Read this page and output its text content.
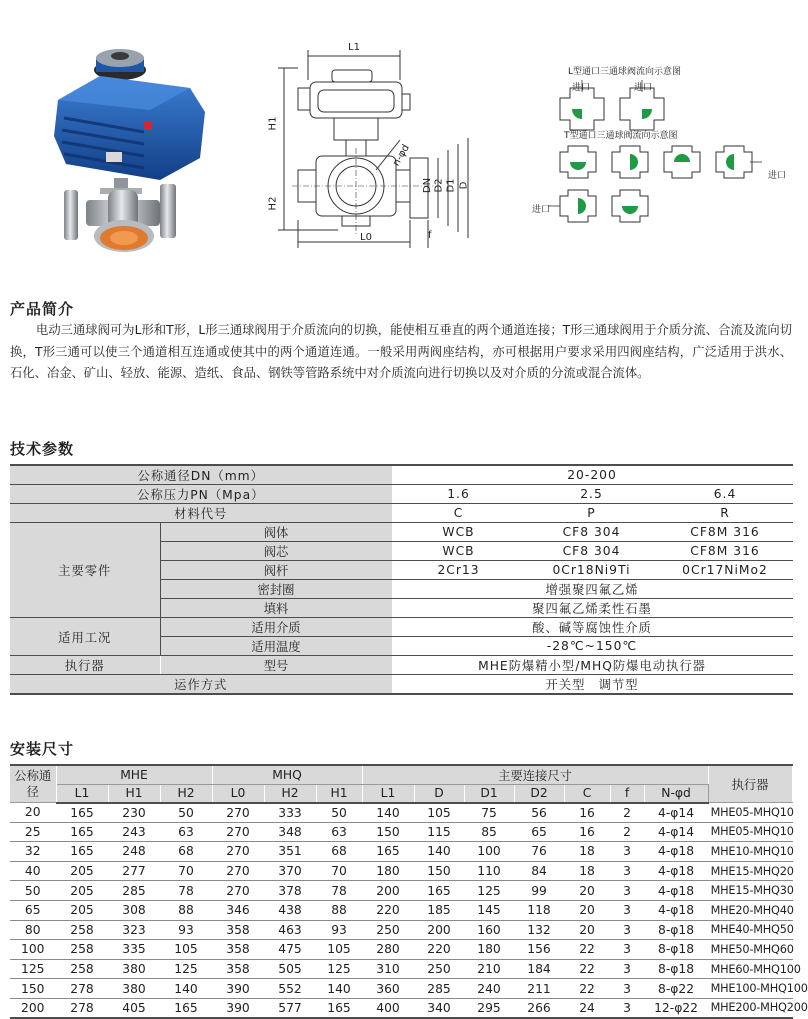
L1
H1
H2
L0
n-φd
DN D2 D1 D
f
L型通口三通球阀流向示意图
进口	进口
T型通口三通球阀流向示意图
进口
进口
产品简介

电动三通球阀可为L形和T形，L形三通球阀用于介质流向的切换，能使相互垂直的两个通道连接；T形三通球阀用于介质分流、合流及流向切换，T形三通可以使三个通道相互连通或使其中的两个通道连通。一般采用两阀座结构，亦可根据用户要求采用四阀座结构，广泛适用于洪水、石化、冶金、矿山、轻放、能源、造纸、食品、钢铁等管路系统中对介质流向进行切换以及对介质的分流或混合流体。

技术参数
公称通径DN（mm）		20-200		
公称压力PN（Mpa）		1.6	2.5	6.4
材料代号		C	P	R
主要零件	阀体	WCB	CF8 304	CF8M 316
	阀芯	WCB	CF8 304	CF8M 316
	阀杆	2Cr13	0Cr18Ni9Ti	0Cr17NiMo2
	密封圈	增强聚四氟乙烯		
	填料	聚四氟乙烯柔性石墨		
适用工况	适用介质	酸、碱等腐蚀性介质		
	适用温度	-28℃~150℃		
执行器	型号	MHE防爆精小型/MHQ防爆电动执行器		
运作方式		开关型　调节型		
安装尺寸
公称通径	MHE			MHQ			主要连接尺寸							执行器
	L1	H1	H2	L0	H2	H1	L1	D	D1	D2	C	f	N-φd	
20	165	230	50	270	333	50	140	105	75	56	16	2	4-φ14	MHE05-MHQ10
25	165	243	63	270	348	63	150	115	85	65	16	2	4-φ14	MHE05-MHQ10
32	165	248	68	270	351	68	165	140	100	76	18	3	4-φ18	MHE10-MHQ10
40	205	277	70	270	370	70	180	150	110	84	18	3	4-φ18	MHE15-MHQ20
50	205	285	78	270	378	78	200	165	125	99	20	3	4-φ18	MHE15-MHQ30
65	205	308	88	346	438	88	220	185	145	118	20	3	4-φ18	MHE20-MHQ40
80	258	323	93	358	463	93	250	200	160	132	20	3	8-φ18	MHE40-MHQ50
100	258	335	105	358	475	105	280	220	180	156	22	3	8-φ18	MHE50-MHQ60
125	258	380	125	358	505	125	310	250	210	184	22	3	8-φ18	MHE60-MHQ100
150	278	380	140	390	552	140	360	285	240	211	22	3	8-φ22	MHE100-MHQ100
200	278	405	165	390	577	165	400	340	295	266	24	3	12-φ22	MHE200-MHQ200
